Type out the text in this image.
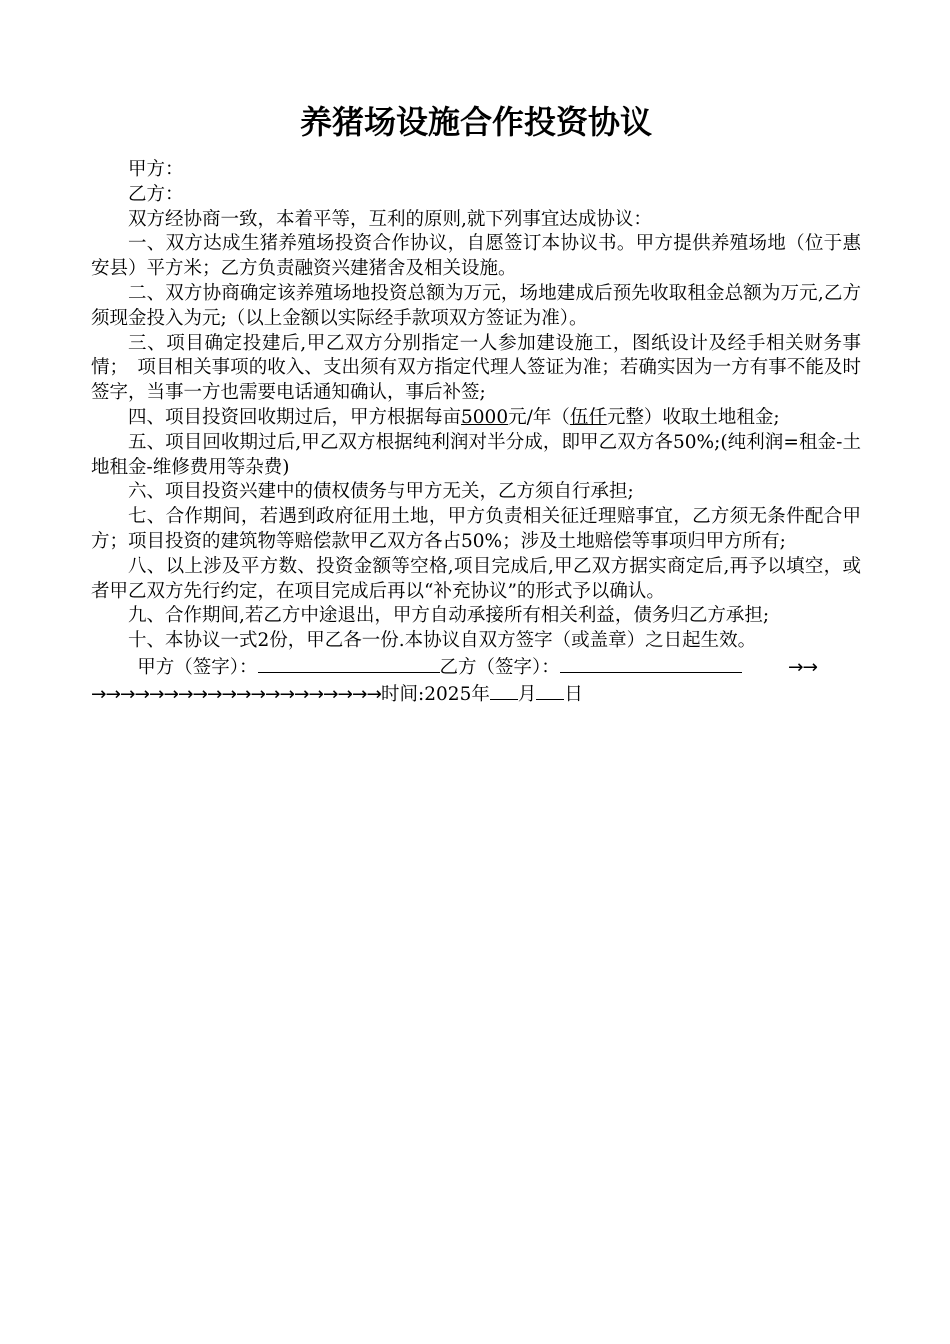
养猪场设施合作投资协议

甲方：

乙方：

双方经协商一致，本着平等，互利的原则,就下列事宜达成协议：

一、双方达成生猪养殖场投资合作协议，自愿签订本协议书。甲方提供养殖场地（位于惠安县）平方米；乙方负责融资兴建猪舍及相关设施。

二、双方协商确定该养殖场地投资总额为万元，场地建成后预先收取租金总额为万元,乙方须现金投入为元;（以上金额以实际经手款项双方签证为准）。

三、项目确定投建后,甲乙双方分别指定一人参加建设施工，图纸设计及经手相关财务事情；　项目相关事项的收入、支出须有双方指定代理人签证为准；若确实因为一方有事不能及时签字，当事一方也需要电话通知确认，事后补签;

四、项目投资回收期过后，甲方根据每亩5000元/年（伍仟元整）收取土地租金;

五、项目回收期过后,甲乙双方根据纯利润对半分成，即甲乙双方各50%;(纯利润=租金-土地租金-维修费用等杂费)

六、项目投资兴建中的债权债务与甲方无关，乙方须自行承担;

七、合作期间，若遇到政府征用土地，甲方负责相关征迁理赔事宜，乙方须无条件配合甲方；项目投资的建筑物等赔偿款甲乙双方各占50%；涉及土地赔偿等事项归甲方所有;

八、以上涉及平方数、投资金额等空格,项目完成后,甲乙双方据实商定后,再予以填空，或者甲乙双方先行约定，在项目完成后再以“补充协议”的形式予以确认。

九、合作期间,若乙方中途退出，甲方自动承接所有相关利益，债务归乙方承担;

十、本协议一式2份，甲乙各一份.本协议自双方签字（或盖章）之日起生效。

甲方（签字）：	乙方（签字）：	→→
→→→→→→→→→→→→→→→→→→→→时间:2025年 月 日
